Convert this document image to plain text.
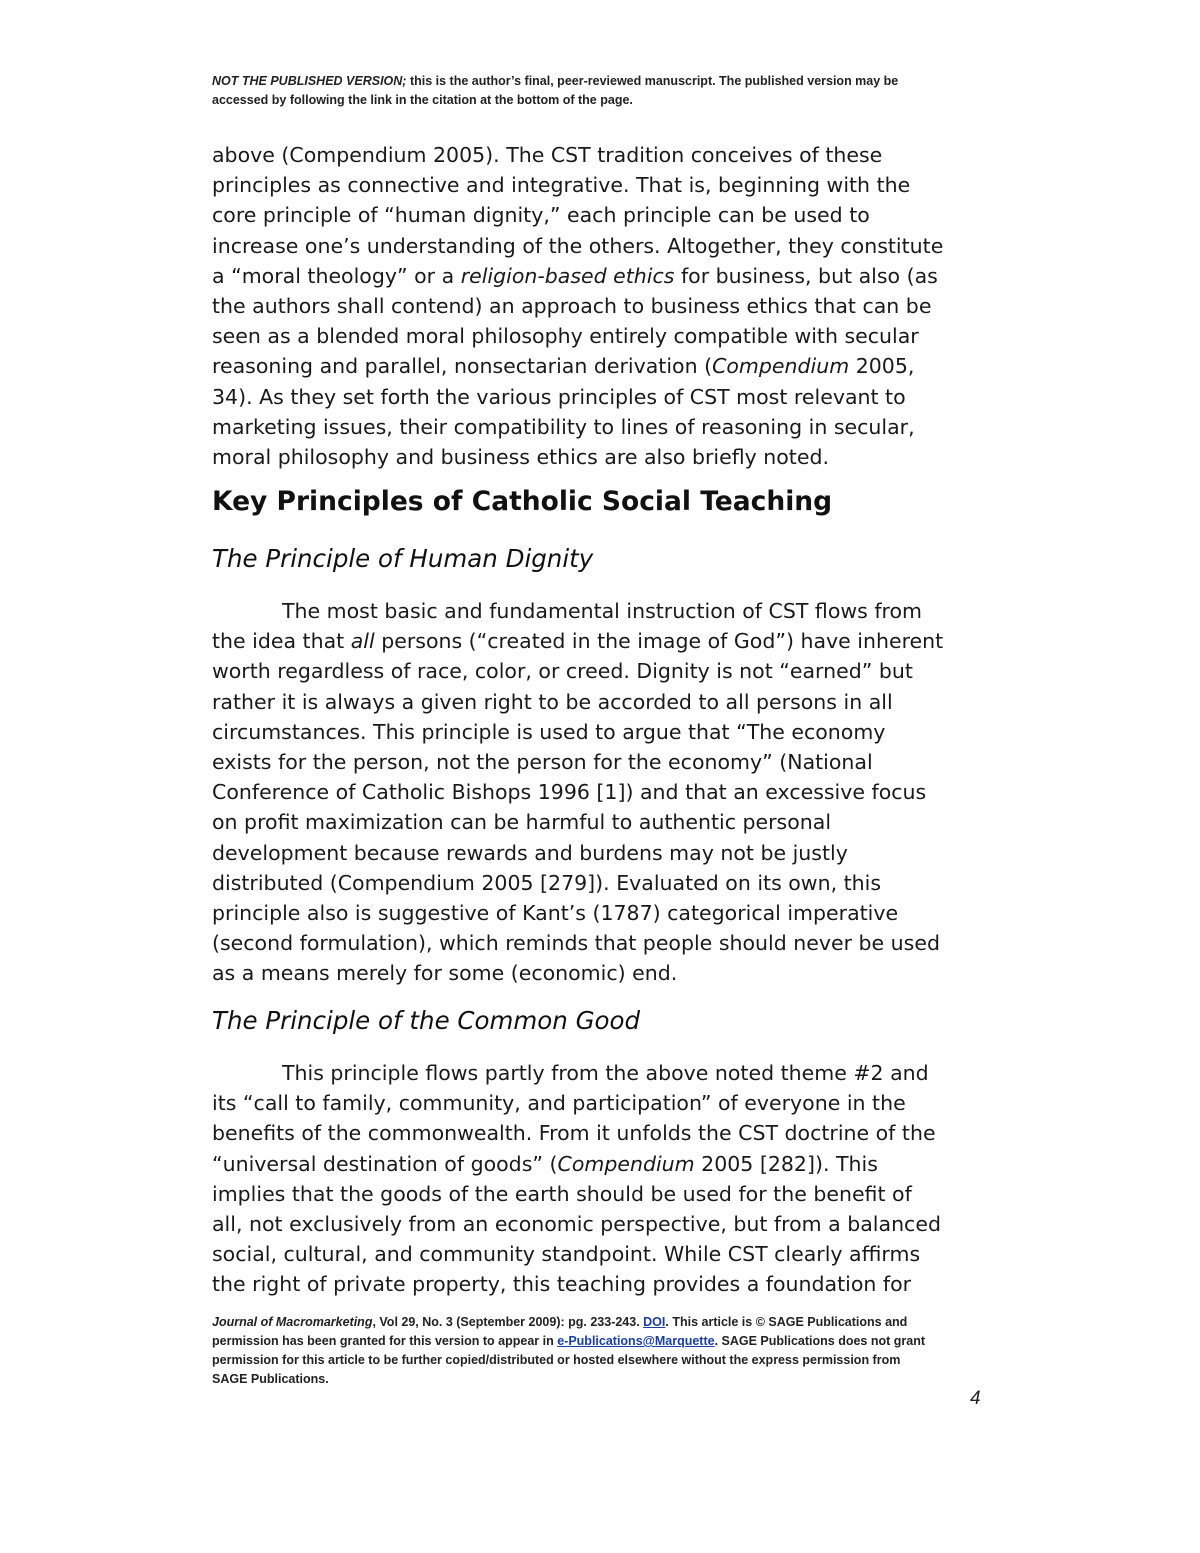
NOT THE PUBLISHED VERSION; this is the author’s final, peer-reviewed manuscript. The published version may be
accessed by following the link in the citation at the bottom of the page.
above (Compendium 2005). The CST tradition conceives of these
principles as connective and integrative. That is, beginning with the
core principle of “human dignity,” each principle can be used to
increase one’s understanding of the others. Altogether, they constitute
a “moral theology” or a religion-based ethics for business, but also (as
the authors shall contend) an approach to business ethics that can be
seen as a blended moral philosophy entirely compatible with secular
reasoning and parallel, nonsectarian derivation (Compendium 2005,
34). As they set forth the various principles of CST most relevant to
marketing issues, their compatibility to lines of reasoning in secular,
moral philosophy and business ethics are also briefly noted.
Key Principles of Catholic Social Teaching
The Principle of Human Dignity
The most basic and fundamental instruction of CST flows from
the idea that all persons (“created in the image of God”) have inherent
worth regardless of race, color, or creed. Dignity is not “earned” but
rather it is always a given right to be accorded to all persons in all
circumstances. This principle is used to argue that “The economy
exists for the person, not the person for the economy” (National
Conference of Catholic Bishops 1996 [1]) and that an excessive focus
on profit maximization can be harmful to authentic personal
development because rewards and burdens may not be justly
distributed (Compendium 2005 [279]). Evaluated on its own, this
principle also is suggestive of Kant’s (1787) categorical imperative
(second formulation), which reminds that people should never be used
as a means merely for some (economic) end.
The Principle of the Common Good
This principle flows partly from the above noted theme #2 and
its “call to family, community, and participation” of everyone in the
benefits of the commonwealth. From it unfolds the CST doctrine of the
“universal destination of goods” (Compendium 2005 [282]). This
implies that the goods of the earth should be used for the benefit of
all, not exclusively from an economic perspective, but from a balanced
social, cultural, and community standpoint. While CST clearly affirms
the right of private property, this teaching provides a foundation for
Journal of Macromarketing, Vol 29, No. 3 (September 2009): pg. 233-243. DOI. This article is © SAGE Publications and
permission has been granted for this version to appear in e-Publications@Marquette. SAGE Publications does not grant
permission for this article to be further copied/distributed or hosted elsewhere without the express permission from
SAGE Publications.
4
